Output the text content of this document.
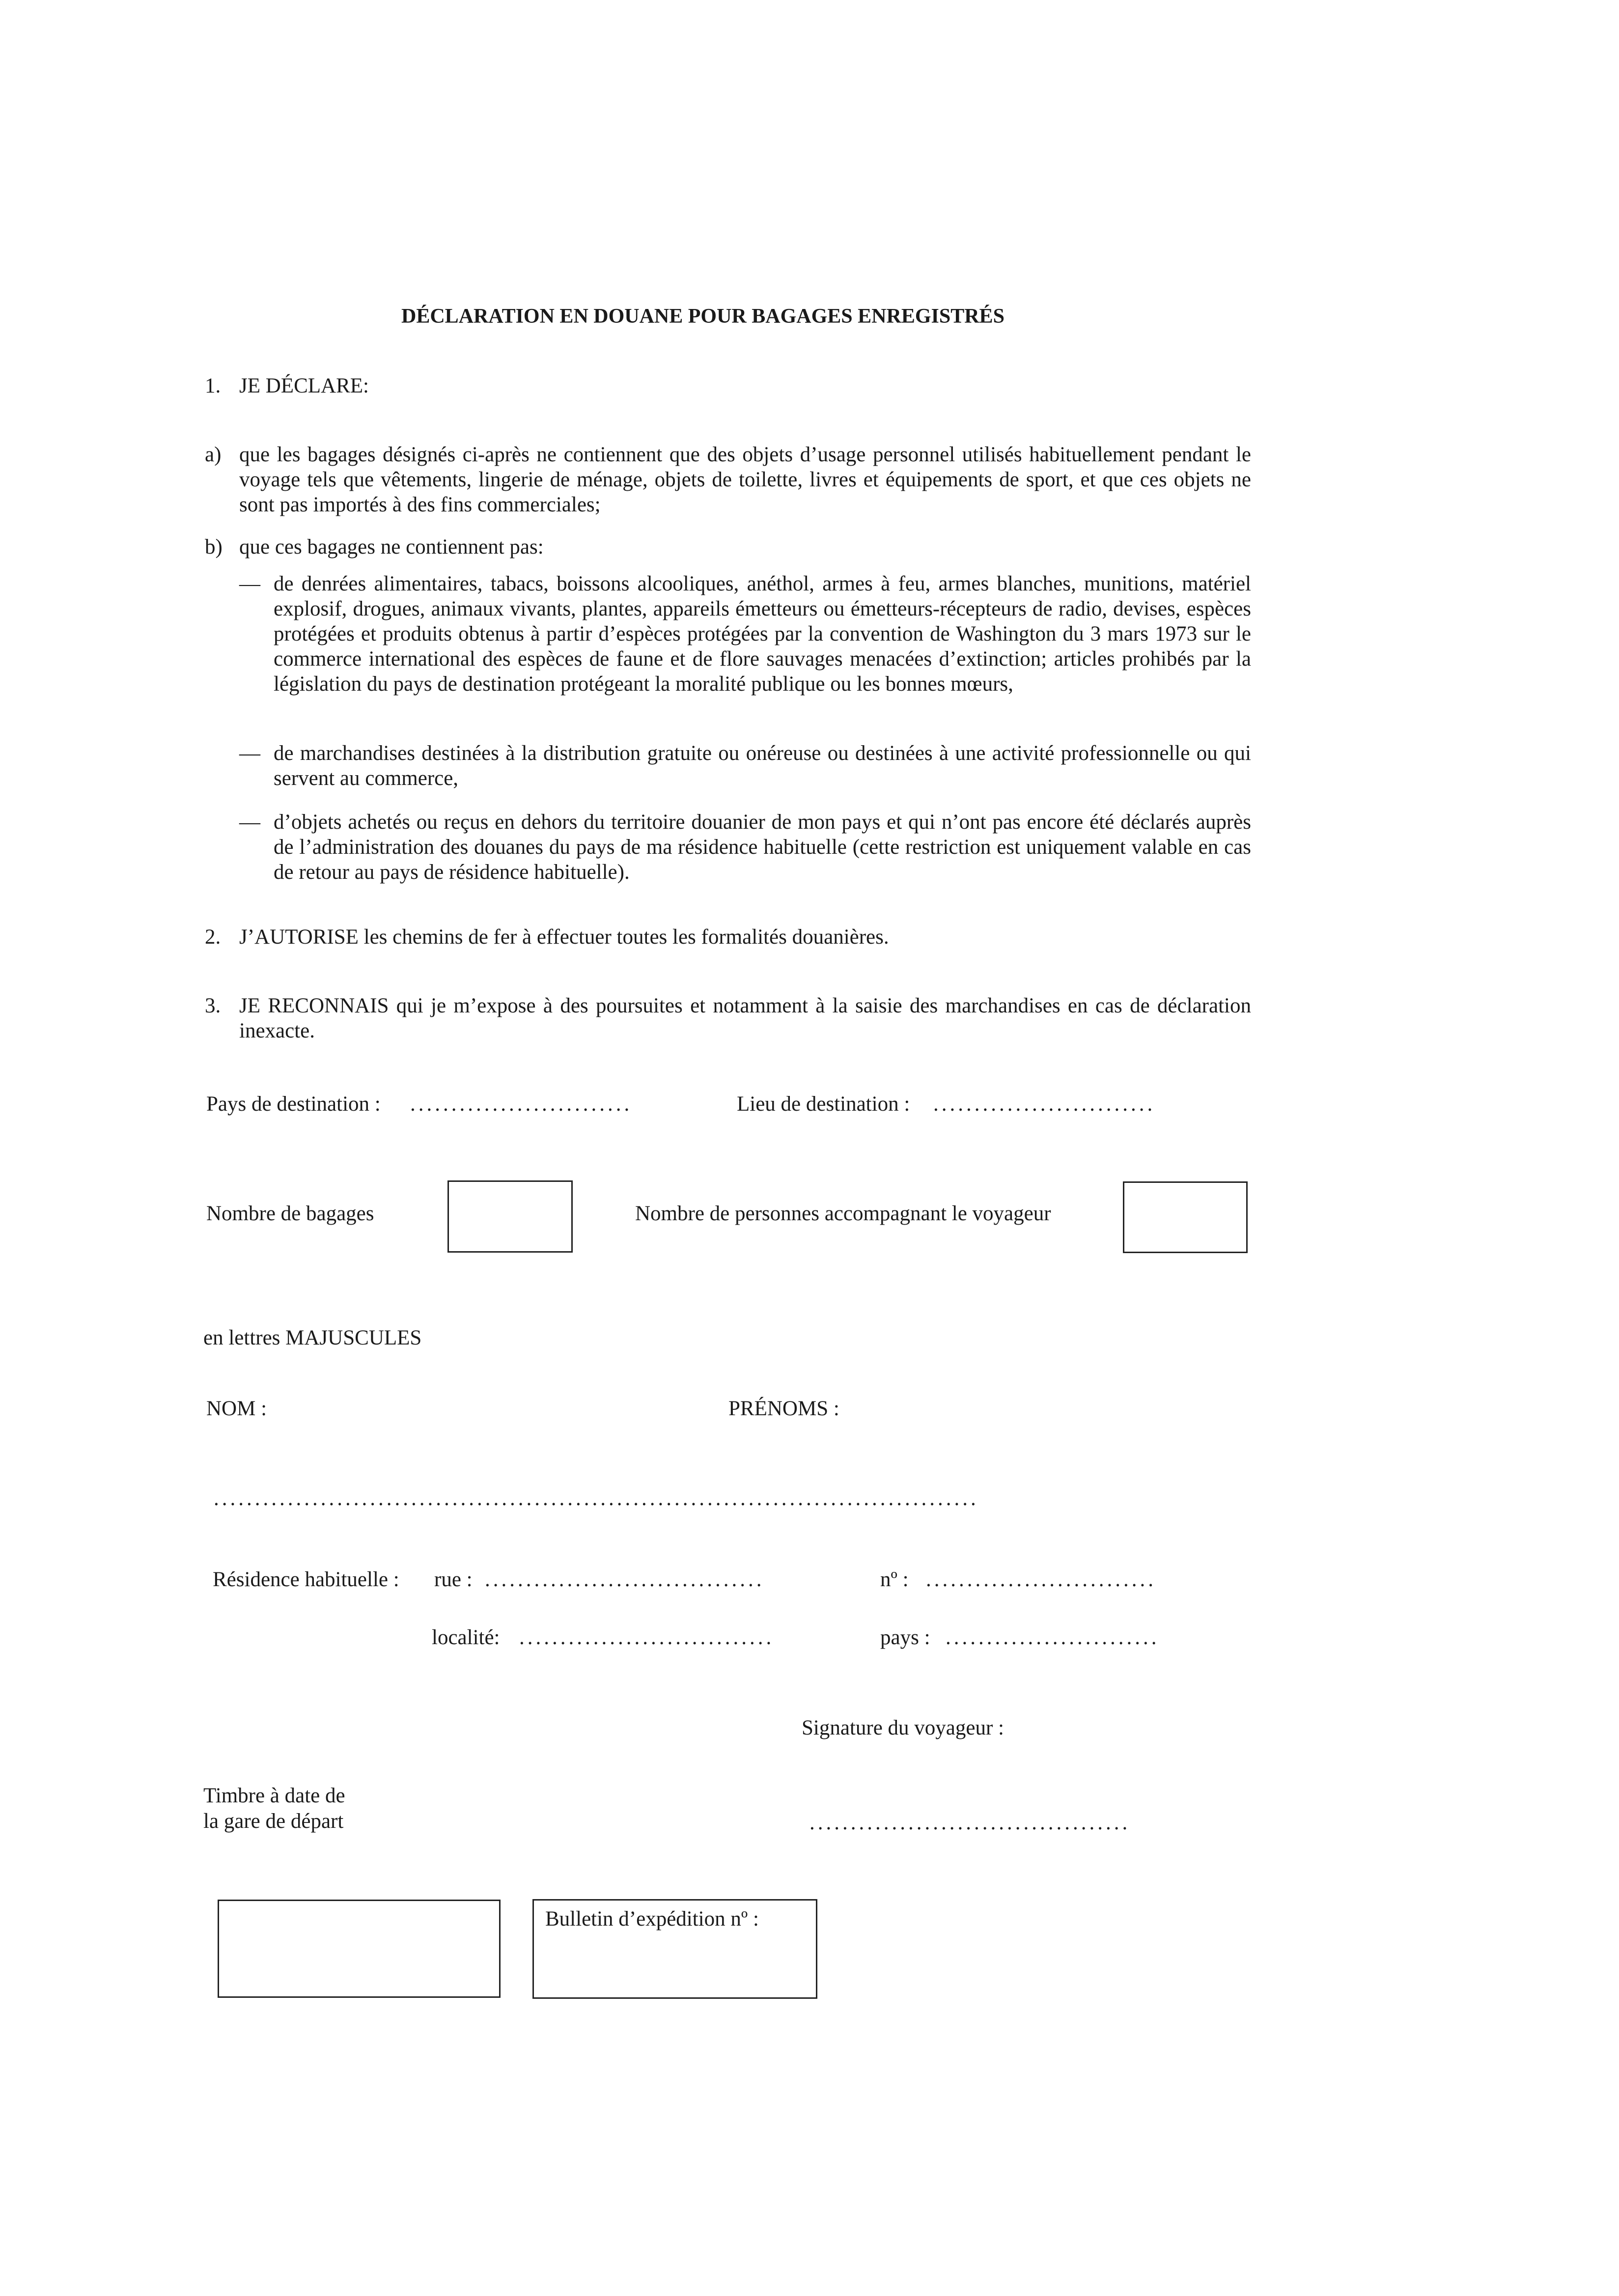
DÉCLARATION EN DOUANE POUR BAGAGES ENREGISTRÉS
1. JE DÉCLARE:
a) que les bagages désignés ci-après ne contiennent que des objets d’usage personnel utilisés habituellement pendant le voyage tels que vêtements, lingerie de ménage, objets de toilette, livres et équipements de sport, et que ces objets ne sont pas importés à des fins commerciales;
b) que ces bagages ne contiennent pas:
— de denrées alimentaires, tabacs, boissons alcooliques, anéthol, armes à feu, armes blanches, munitions, matériel explosif, drogues, animaux vivants, plantes, appareils émetteurs ou émetteurs-récepteurs de radio, devises, espèces protégées et produits obtenus à partir d’espèces protégées par la convention de Washington du 3 mars 1973 sur le commerce international des espèces de faune et de flore sauvages menacées d’extinction; articles prohibés par la législation du pays de destination protégeant la moralité publique ou les bonnes mœurs,
— de marchandises destinées à la distribution gratuite ou onéreuse ou destinées à une activité professionnelle ou qui servent au commerce,
— d’objets achetés ou reçus en dehors du territoire douanier de mon pays et qui n’ont pas encore été déclarés auprès de l’administration des douanes du pays de ma résidence habituelle (cette restriction est uniquement valable en cas de retour au pays de résidence habituelle).
2. J’AUTORISE les chemins de fer à effectuer toutes les formalités douanières.
3. JE RECONNAIS qui je m’expose à des poursuites et notamment à la saisie des marchandises en cas de déclaration inexacte.
Pays de destination : ...........................	Lieu de destination : ...........................
Nombre de bagages	Nombre de personnes accompagnant le voyageur
en lettres MAJUSCULES
NOM :	PRÉNOMS :
.............................................................................................
Résidence habituelle : rue : ..................................	nº : ............................
localité: ...............................	pays : ..........................
Signature du voyageur :
Timbre à date de
la gare de départ	.......................................
Bulletin d’expédition nº :
